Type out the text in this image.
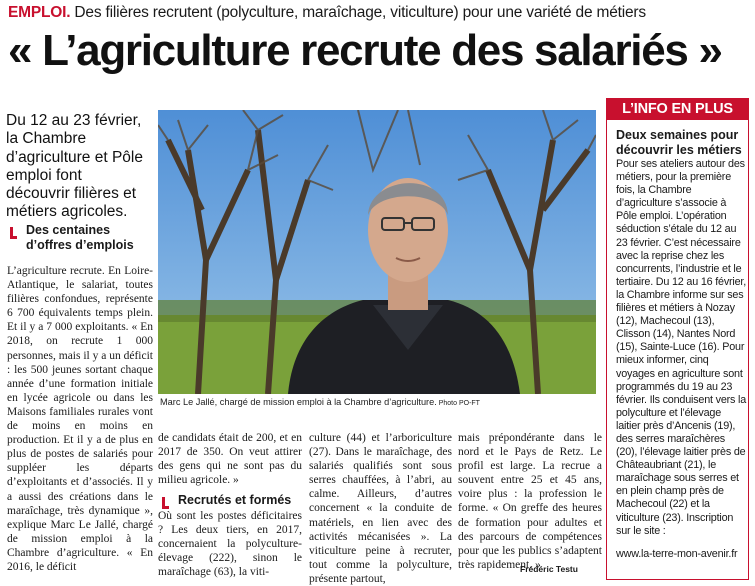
EMPLOI. Des filières recrutent (polyculture, maraîchage, viticulture) pour une variété de métiers
« L’agriculture recrute des salariés »
Du 12 au 23 février, la Chambre d’agriculture et Pôle emploi font découvrir filières et métiers agricoles.
Des centaines d’offres d’emplois
L’agriculture recrute. En Loire-Atlantique, le salariat, toutes filières confondues, représente 6 700 équivalents temps plein. Et il y a 7 000 exploitants. « En 2018, on recrute 1 000 personnes, mais il y a un déficit : les 500 jeunes sortant chaque année d’une formation initiale en lycée agricole ou dans les Maisons familiales rurales vont de moins en moins en production. Et il y a de plus en plus de postes de salariés pour suppléer les départs d’exploitants et d’associés. Il y a aussi des créations dans le maraîchage, très dynamique », explique Marc Le Jallé, chargé de mission emploi à la Chambre d’agriculture. « En 2016, le déficit
Marc Le Jallé, chargé de mission emploi à la Chambre d’agriculture. Photo PO-FT
de candidats était de 200, et en 2017 de 350. On veut attirer des gens qui ne sont pas du milieu agricole. »
Recrutés et formés
Où sont les postes déficitaires ? Les deux tiers, en 2017, concernaient la polyculture-élevage (222), sinon le maraîchage (63), la viti-
culture (44) et l’arboriculture (27). Dans le maraîchage, des salariés qualifiés sont sous serres chauffées, à l’abri, au calme. Ailleurs, d’autres concernent « la conduite de matériels, en lien avec des activités mécanisées ». La viticulture peine à recruter, tout comme la polyculture, présente partout,
mais prépondérante dans le nord et le Pays de Retz. Le profil est large. La recrue a souvent entre 25 et 45 ans, voire plus : la profession le forme. « On greffe des heures de formation pour adultes et des parcours de compétences pour que les publics s’adaptent très rapidement. »
Frédéric Testu
L’INFO EN PLUS
Deux semaines pour découvrir les métiers
Pour ses ateliers autour des métiers, pour la première fois, la Chambre d’agriculture s’associe à Pôle emploi. L’opération séduction s’étale du 12 au 23 février. C’est nécessaire avec la reprise chez les concurrents, l’industrie et le tertiaire. Du 12 au 16 février, la Chambre informe sur ses filières et métiers à Nozay (12), Machecoul (13), Clisson (14), Nantes Nord (15), Sainte-Luce (16). Pour mieux informer, cinq voyages en agriculture sont programmés du 19 au 23 février. Ils conduisent vers la polyculture et l’élevage laitier près d’Ancenis (19), des serres maraîchères (20), l’élevage laitier près de Châteaubriant (21), le maraîchage sous serres et en plein champ près de Machecoul (22) et la viticulture (23). Inscription sur le site :
www.la-terre-mon-avenir.fr
